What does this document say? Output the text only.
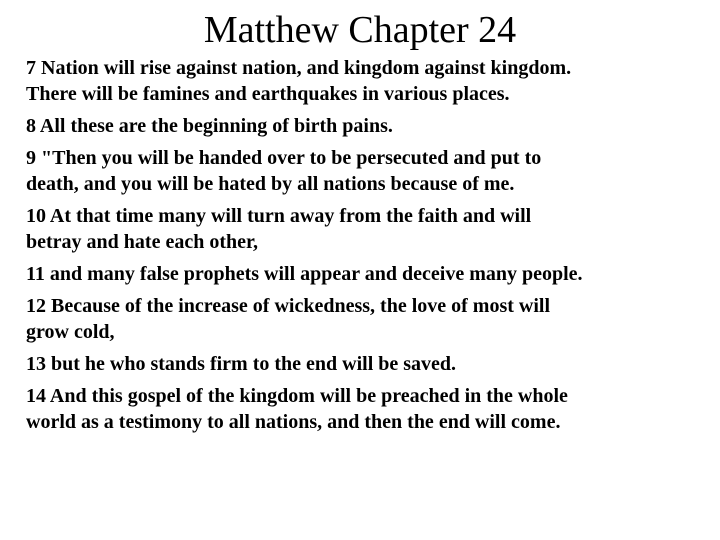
Matthew Chapter 24
7 Nation will rise against nation, and kingdom against kingdom.
There will be famines and earthquakes in various places.
8 All these are the beginning of birth pains.
9 "Then you will be handed over to be persecuted and put to
death, and you will be hated by all nations because of me.
10 At that time many will turn away from the faith and will
betray and hate each other,
11 and many false prophets will appear and deceive many people.
12 Because of the increase of wickedness, the love of most will
grow cold,
13 but he who stands firm to the end will be saved.
14 And this gospel of the kingdom will be preached in the whole
world as a testimony to all nations, and then the end will come.
